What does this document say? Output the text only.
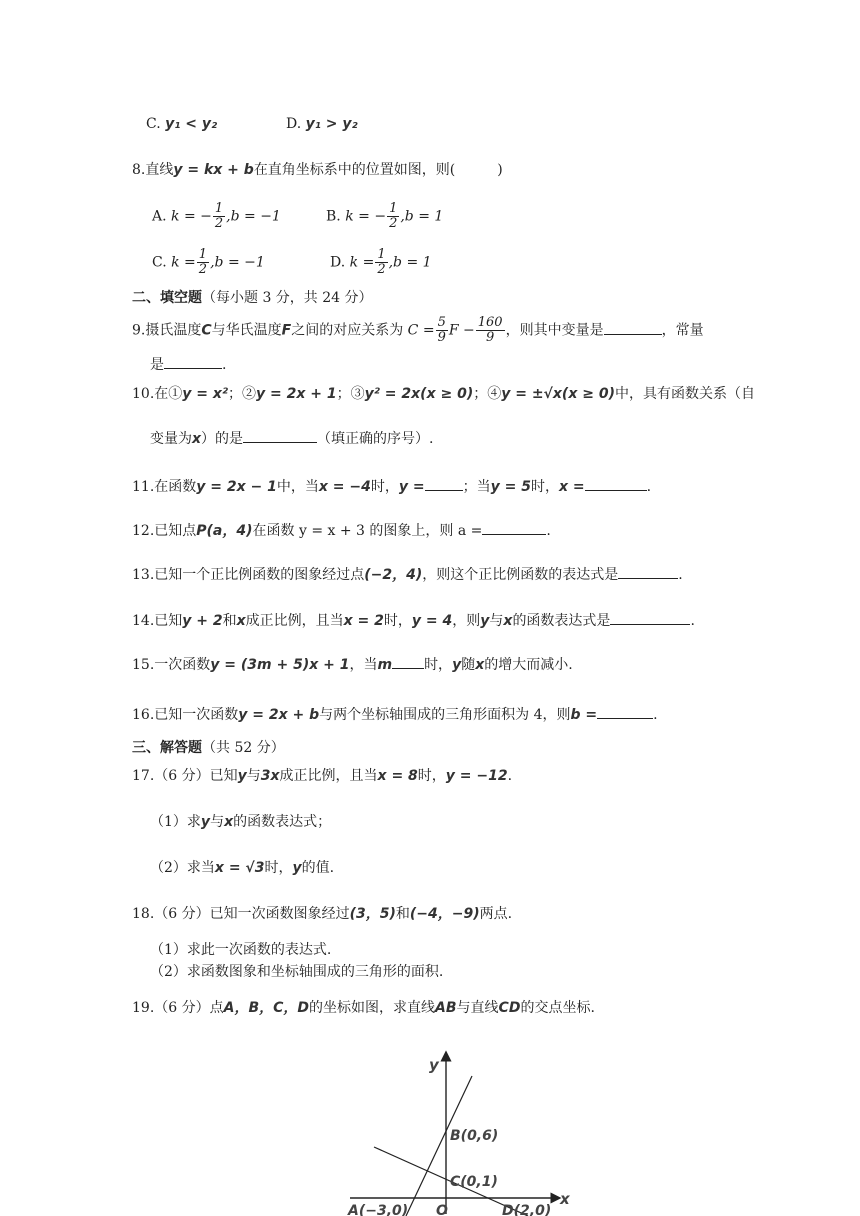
C. y₁ < y₂	D. y₁ > y₂
8.直线y = kx + b在直角坐标系中的位置如图，则(　　　)
A. k = − $\frac{1}{2} ,b = -1$	B. k = − $\frac{1}{2} ,b = 1$
C. $k = \frac{1}{2} ,b = -1$	D. $k = \frac{1}{2} ,b = 1$
二、填空题（每小题 3 分，共 24 分）
9.摄氏温度C与华氏温度F之间的对应关系为 $C = \frac{5}{9}$ $F - \frac{160}{9}$ ，则其中变量是	，常量
是	.
10.在①y = x²；②y = 2x + 1；③y² = 2x(x ≥ 0)；④y = ±√x(x ≥ 0)中，具有函数关系（自
变量为x）的是	（填正确的序号）.
11.在函数y = 2x − 1中，当x = −4时，y =	；当y = 5时，x =	.
12.已知点P(a，4)在函数 y = x + 3 的图象上，则 a =	.
13.已知一个正比例函数的图象经过点(−2，4)，则这个正比例函数的表达式是	.
14.已知y + 2和x成正比例，且当x = 2时，y = 4，则y与x的函数表达式是	.
15.一次函数y = (3m + 5)x + 1，当m 时，y随x的增大而减小.
16.已知一次函数y = 2x + b与两个坐标轴围成的三角形面积为 4，则b =	.
三、解答题（共 52 分）
17.（6 分）已知y与3x成正比例，且当x = 8时，y = −12.
（1）求y与x的函数表达式；
（2）求当x = √3时，y的值.
18.（6 分）已知一次函数图象经过(3，5)和(−4，−9)两点.
（1）求此一次函数的表达式.
（2）求函数图象和坐标轴围成的三角形的面积.
19.（6 分）点A，B，C，D的坐标如图，求直线AB与直线CD的交点坐标.
y
x
B(0,6)
C(0,1)
O
A(−3,0)	D(2,0)
